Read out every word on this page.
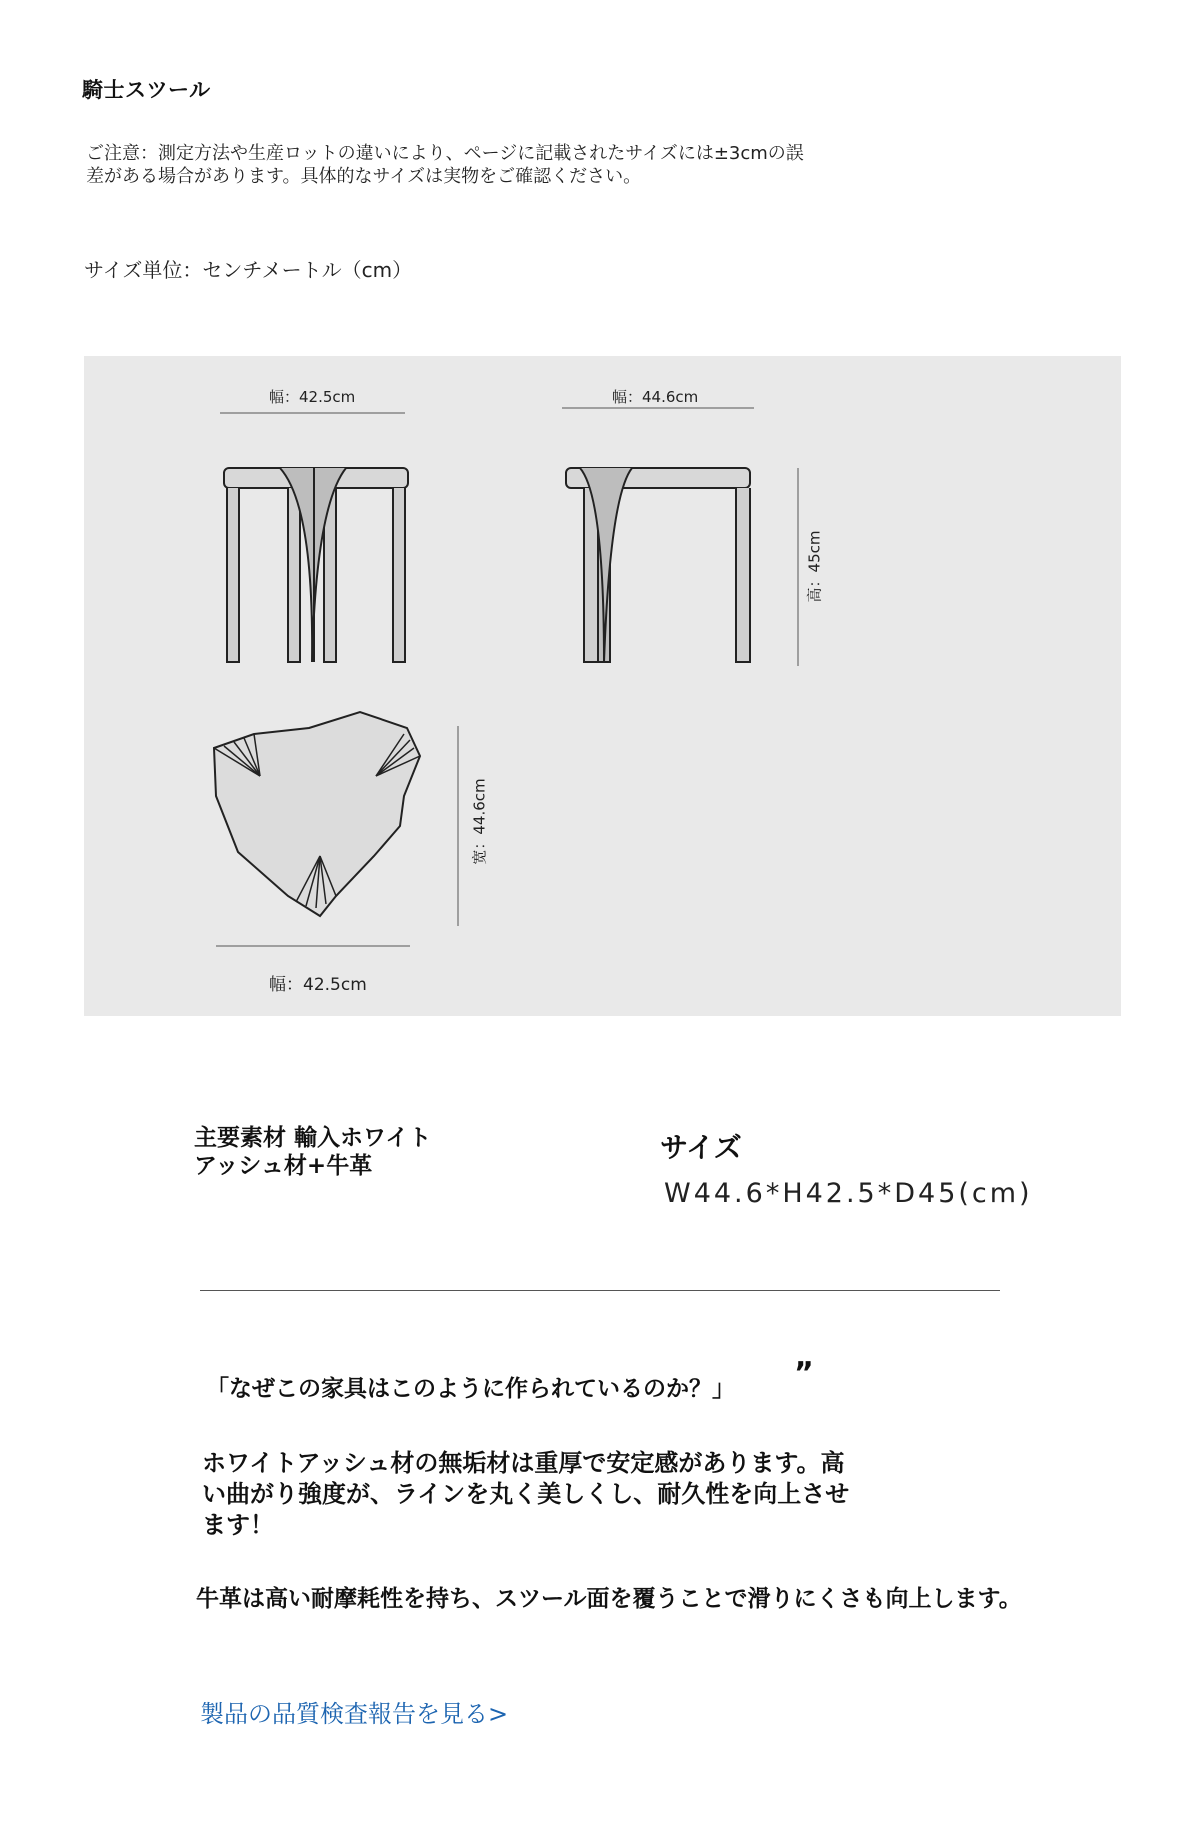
騎士スツール
ご注意：測定方法や生産ロットの違いにより、ページに記載されたサイズには±3cmの誤差がある場合があります。具体的なサイズは実物をご確認ください。
サイズ単位：センチメートル（cm）
幅：42.5cm	幅：44.6cm
高：45cm
宽：44.6cm
幅：42.5cm
主要素材 輸入ホワイトアッシュ材+牛革
サイズ
W44.6*H42.5*D45(cm)
「なぜこの家具はこのように作られているのか？」 ”
ホワイトアッシュ材の無垢材は重厚で安定感があります。高い曲がり強度が、ラインを丸く美しくし、耐久性を向上させます！
牛革は高い耐摩耗性を持ち、スツール面を覆うことで滑りにくさも向上します。
製品の品質検査報告を見る>
